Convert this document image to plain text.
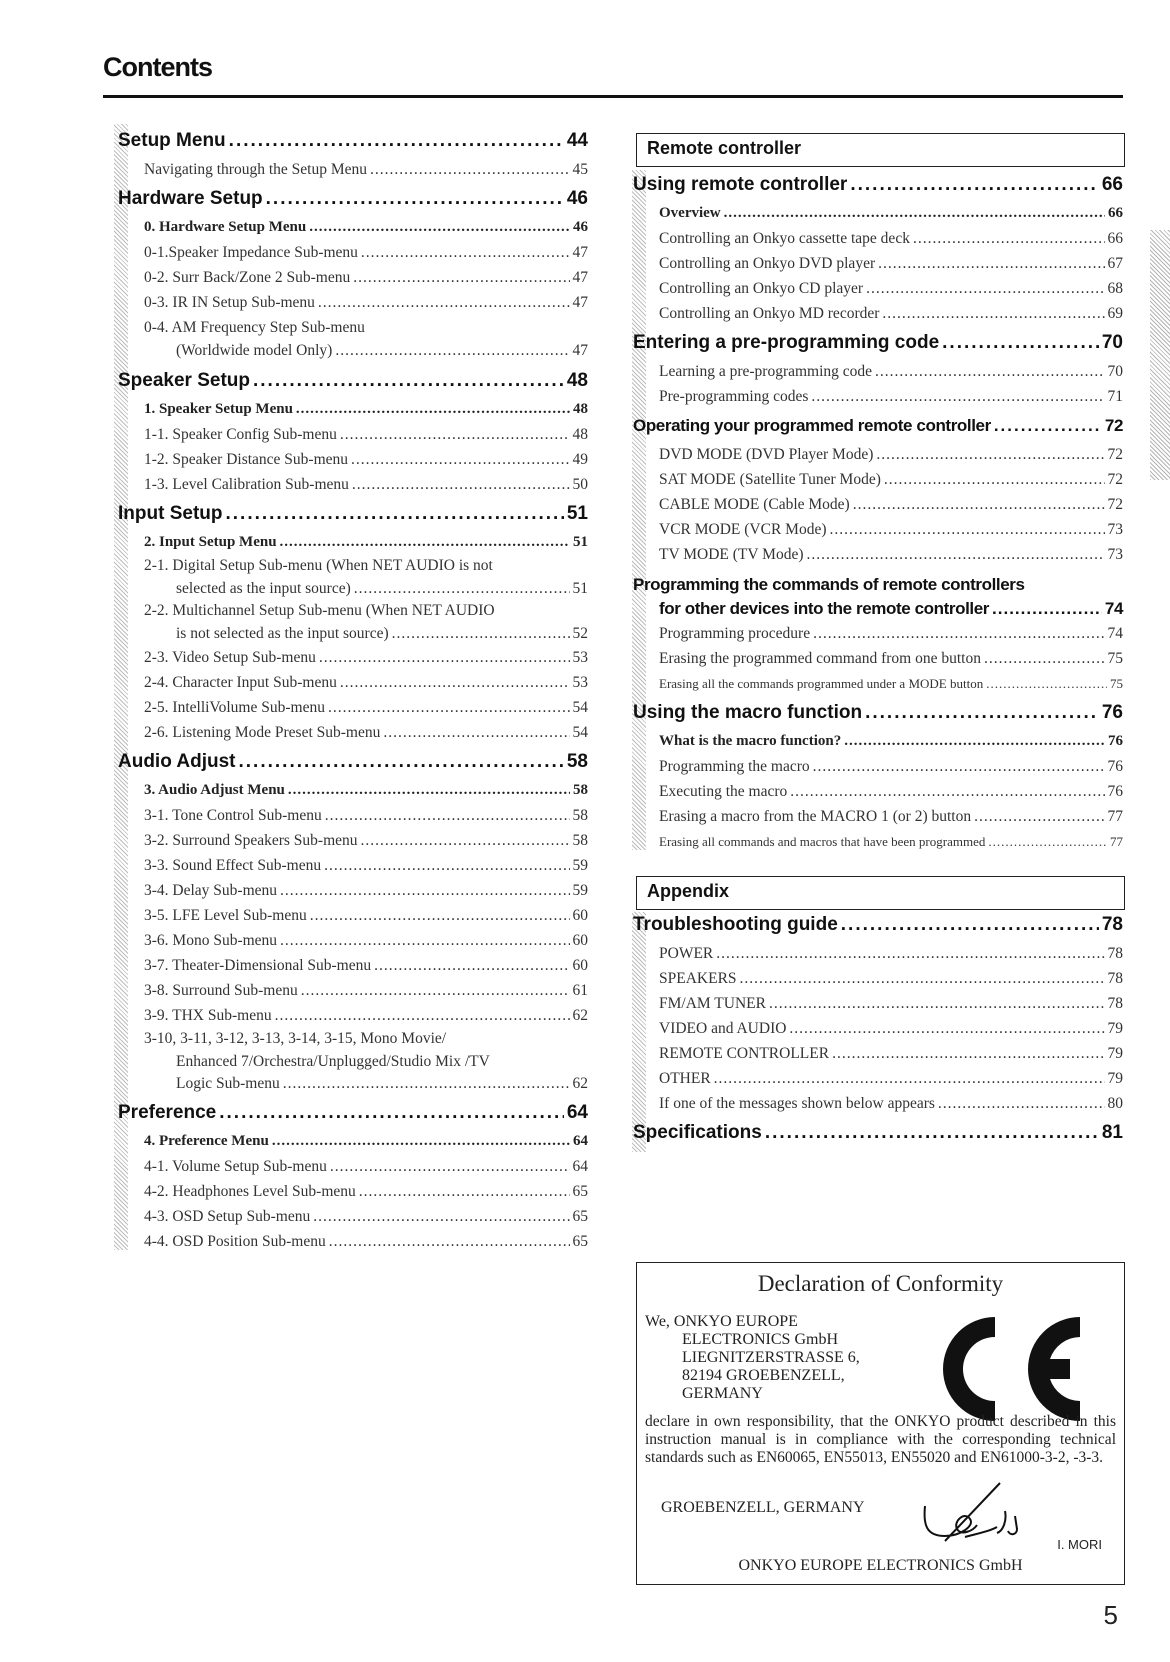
Contents
Setup Menu .....	44
Navigating through the Setup Menu .....	45
Hardware Setup .....	46
0. Hardware Setup Menu .....	46
0-1.Speaker Impedance Sub-menu .....	47
0-2. Surr Back/Zone 2 Sub-menu .....	47
0-3. IR IN Setup Sub-menu .....	47
0-4. AM Frequency Step Sub-menu
(Worldwide model Only) .....	47
Speaker Setup .....	48
1. Speaker Setup Menu .....	48
1-1. Speaker Config Sub-menu .....	48
1-2. Speaker Distance Sub-menu .....	49
1-3. Level Calibration Sub-menu .....	50
Input Setup .....	51
2. Input Setup Menu .....	51
2-1. Digital Setup Sub-menu (When NET AUDIO is not
selected as the input source) .....	51
2-2. Multichannel Setup Sub-menu (When NET AUDIO
is not selected as the input source) .....	52
2-3. Video Setup Sub-menu .....	53
2-4. Character Input Sub-menu .....	53
2-5. IntelliVolume Sub-menu .....	54
2-6. Listening Mode Preset Sub-menu .....	54
Audio Adjust .....	58
3. Audio Adjust Menu .....	58
3-1. Tone Control Sub-menu .....	58
3-2. Surround Speakers Sub-menu .....	58
3-3. Sound Effect Sub-menu .....	59
3-4. Delay Sub-menu .....	59
3-5. LFE Level Sub-menu .....	60
3-6. Mono Sub-menu .....	60
3-7. Theater-Dimensional Sub-menu .....	60
3-8. Surround Sub-menu .....	61
3-9. THX Sub-menu .....	62
3-10, 3-11, 3-12, 3-13, 3-14, 3-15, Mono Movie/
Enhanced 7/Orchestra/Unplugged/Studio Mix /TV
Logic Sub-menu .....	62
Preference .....	64
4. Preference Menu .....	64
4-1. Volume Setup Sub-menu .....	64
4-2. Headphones Level Sub-menu .....	65
4-3. OSD Setup Sub-menu .....	65
4-4. OSD Position Sub-menu .....	65
Remote controller
Appendix
Using remote controller .....	66
Overview .....	66
Controlling an Onkyo cassette tape deck .....	66
Controlling an Onkyo DVD player .....	67
Controlling an Onkyo CD player .....	68
Controlling an Onkyo MD recorder .....	69
Entering a pre-programming code .....	70
Learning a pre-programming code .....	70
Pre-programming codes .....	71
Operating your programmed remote controller .....	72
DVD MODE (DVD Player Mode) .....	72
SAT MODE (Satellite Tuner Mode) .....	72
CABLE MODE (Cable Mode) .....	72
VCR MODE (VCR Mode) .....	73
TV MODE (TV Mode) .....	73
Programming the commands of remote controllers
for other devices into the remote controller .....	74
Programming procedure .....	74
Erasing the programmed command from one button .....	75
Erasing all the commands programmed under a MODE button .....	75
Using the macro function .....	76
What is the macro function? .....	76
Programming the macro .....	76
Executing the macro .....	76
Erasing a macro from the MACRO 1 (or 2) button .....	77
Erasing all commands and macros that have been programmed .....	77
Troubleshooting guide .....	78
POWER .....	78
SPEAKERS .....	78
FM/AM TUNER .....	78
VIDEO and AUDIO .....	79
REMOTE CONTROLLER .....	79
OTHER .....	79
If one of the messages shown below appears .....	80
Specifications .....	81
Declaration of Conformity
We, ONKYO EUROPE
ELECTRONICS GmbH
LIEGNITZERSTRASSE 6,
82194 GROEBENZELL,
GERMANY
declare in own responsibility, that the ONKYO product described in this instruction manual is in compliance with the corresponding technical standards such as EN60065, EN55013, EN55020 and EN61000-3-2, -3-3.
GROEBENZELL, GERMANY
I. MORI
ONKYO EUROPE ELECTRONICS GmbH
5
